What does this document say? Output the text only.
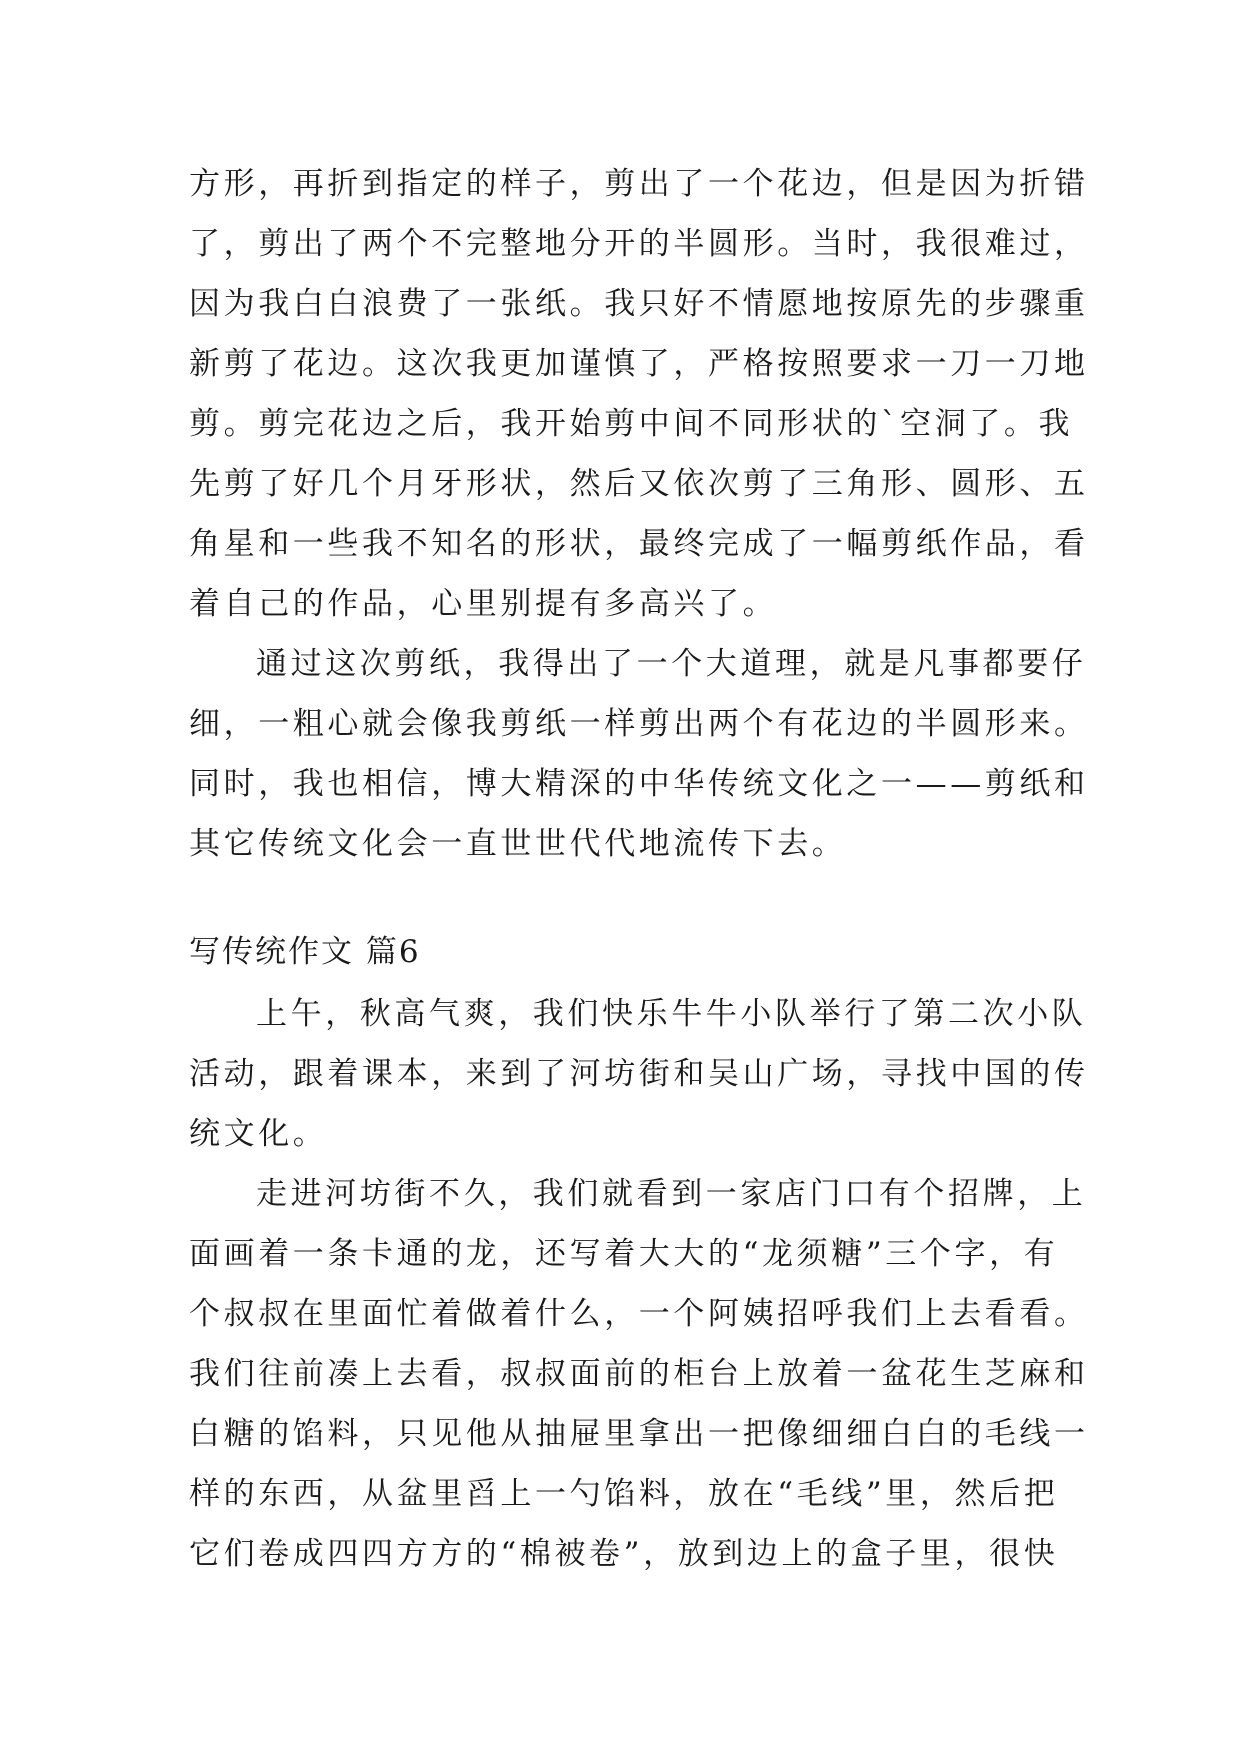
方形，再折到指定的样子，剪出了一个花边，但是因为折错
了，剪出了两个不完整地分开的半圆形。当时，我很难过，
因为我白白浪费了一张纸。我只好不情愿地按原先的步骤重
新剪了花边。这次我更加谨慎了，严格按照要求一刀一刀地
剪。剪完花边之后，我开始剪中间不同形状的`空洞了。我
先剪了好几个月牙形状，然后又依次剪了三角形、圆形、五
角星和一些我不知名的形状，最终完成了一幅剪纸作品，看
着自己的作品，心里别提有多高兴了。
通过这次剪纸，我得出了一个大道理，就是凡事都要仔
细，一粗心就会像我剪纸一样剪出两个有花边的半圆形来。
同时，我也相信，博大精深的中华传统文化之一——剪纸和
其它传统文化会一直世世代代地流传下去。
写传统作文 篇6
上午，秋高气爽，我们快乐牛牛小队举行了第二次小队
活动，跟着课本，来到了河坊街和吴山广场，寻找中国的传
统文化。
走进河坊街不久，我们就看到一家店门口有个招牌，上
面画着一条卡通的龙，还写着大大的“龙须糖”三个字，有
个叔叔在里面忙着做着什么，一个阿姨招呼我们上去看看。
我们往前凑上去看，叔叔面前的柜台上放着一盆花生芝麻和
白糖的馅料，只见他从抽屉里拿出一把像细细白白的毛线一
样的东西，从盆里舀上一勺馅料，放在“毛线”里，然后把
它们卷成四四方方的“棉被卷”，放到边上的盒子里，很快
